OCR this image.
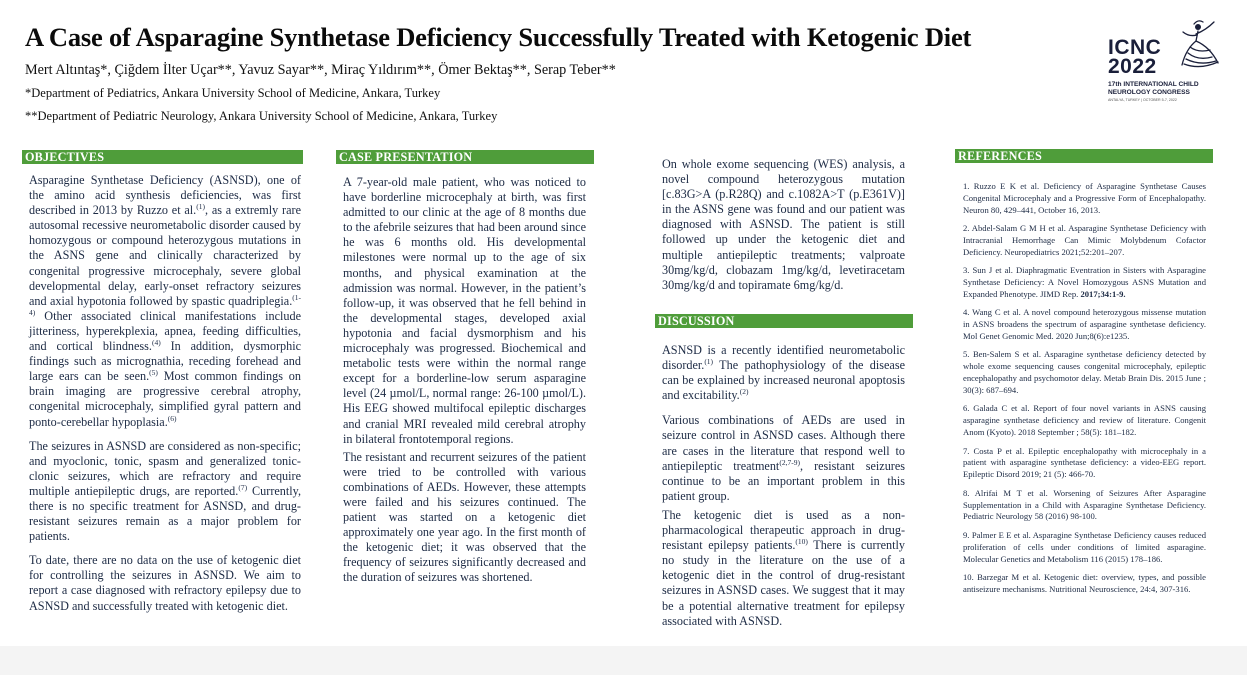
A Case of Asparagine Synthetase Deficiency Successfully Treated with Ketogenic Diet
Mert Altıntaş*, Çiğdem İlter Uçar**, Yavuz Sayar**, Miraç Yıldırım**, Ömer Bektaş**, Serap Teber**
*Department of Pediatrics, Ankara University School of Medicine, Ankara, Turkey
**Department of Pediatric Neurology, Ankara University School of Medicine, Ankara, Turkey
ICNC
2022
17th INTERNATIONAL CHILD
NEUROLOGY CONGRESS
ANTALYA, TURKEY | OCTOBER 5-7, 2022
OBJECTIVES

Asparagine Synthetase Deficiency (ASNSD), one of the amino acid synthesis deficiencies, was first described in 2013 by Ruzzo et al.$^{(1)}$, as a extremly rare autosomal recessive neurometabolic disorder caused by homozygous or compound heterozygous mutations in the ASNS gene and clinically characterized by congenital progressive microcephaly, severe global developmental delay, early-onset refractory seizures and axial hypotonia followed by spastic quadriplegia.$^{(1-4)}$ Other associated clinical manifestations include jitteriness, hyperekplexia, apnea, feeding difficulties, and cortical blindness.$^{(4)}$ In addition, dysmorphic findings such as micrognathia, receding forehead and large ears can be seen.$^{(5)}$ Most common findings on brain imaging are progressive cerebral atrophy, congenital microcephaly, simplified gyral pattern and ponto-cerebellar hypoplasia.$^{(6)}$

The seizures in ASNSD are considered as non-specific; and myoclonic, tonic, spasm and generalized tonic-clonic seizures, which are refractory and require multiple antiepileptic drugs, are reported.$^{(7)}$ Currently, there is no specific treatment for ASNSD, and drug-resistant seizures remain as a major problem for patients.

To date, there are no data on the use of ketogenic diet for controlling the seizures in ASNSD. We aim to report a case diagnosed with refractory epilepsy due to ASNSD and successfully treated with ketogenic diet.

CASE PRESENTATION

A 7-year-old male patient, who was noticed to have borderline microcephaly at birth, was first admitted to our clinic at the age of 8 months due to the afebrile seizures that had been around since he was 6 months old. His developmental milestones were normal up to the age of six months, and physical examination at the admission was normal. However, in the patient’s follow-up, it was observed that he fell behind in the developmental stages, developed axial hypotonia and facial dysmorphism and his microcephaly was progressed. Biochemical and metabolic tests were within the normal range except for a borderline-low serum asparagine level (24 µmol/L, normal range: 26-100 µmol/L). His EEG showed multifocal epileptic discharges and cranial MRI revealed mild cerebral atrophy in bilateral frontotemporal regions.

The resistant and recurrent seizures of the patient were tried to be controlled with various combinations of AEDs. However, these attempts were failed and his seizures continued. The patient was started on a ketogenic diet approximately one year ago. In the first month of the ketogenic diet; it was observed that the frequency of seizures significantly decreased and the duration of seizures was shortened.

On whole exome sequencing (WES) analysis, a novel compound heterozygous mutation [c.83G>A (p.R28Q) and c.1082A>T (p.E361V)] in the ASNS gene was found and our patient was diagnosed with ASNSD. The patient is still followed up under the ketogenic diet and multiple antiepileptic treatments; valproate 30mg/kg/d, clobazam 1mg/kg/d, levetiracetam 30mg/kg/d and topiramate 6mg/kg/d.

DISCUSSION

ASNSD is a recently identified neurometabolic disorder.$^{(1)}$ The pathophysiology of the disease can be explained by increased neuronal apoptosis and excitability.$^{(2)}$

Various combinations of AEDs are used in seizure control in ASNSD cases. Although there are cases in the literature that respond well to antiepileptic treatment$^{(2,7-9)}$, resistant seizures continue to be an important problem in this patient group.

The ketogenic diet is used as a non-pharmacological therapeutic approach in drug-resistant epilepsy patients.$^{(10)}$ There is currently no study in the literature on the use of a ketogenic diet in the control of drug-resistant seizures in ASNSD cases. We suggest that it may be a potential alternative treatment for epilepsy associated with ASNSD.

REFERENCES
1. Ruzzo E K et al. Deficiency of Asparagine Synthetase Causes Congenital Microcephaly and a Progressive Form of Encephalopathy. Neuron 80, 429–441, October 16, 2013.
2. Abdel-Salam G M H et al. Asparagine Synthetase Deficiency with Intracranial Hemorrhage Can Mimic Molybdenum Cofactor Deficiency. Neuropediatrics 2021;52:201–207.
3. Sun J et al. Diaphragmatic Eventration in Sisters with Asparagine Synthetase Deficiency: A Novel Homozygous ASNS Mutation and Expanded Phenotype. JIMD Rep. 2017;34:1-9.
4. Wang C et al. A novel compound heterozygous missense mutation in ASNS broadens the spectrum of asparagine synthetase deficiency. Mol Genet Genomic Med. 2020 Jun;8(6):e1235.
5. Ben-Salem S et al. Asparagine synthetase deficiency detected by whole exome sequencing causes congenital microcephaly, epileptic encephalopathy and psychomotor delay. Metab Brain Dis. 2015 June ; 30(3): 687–694.
6. Galada C et al. Report of four novel variants in ASNS causing asparagine synthetase deficiency and review of literature. Congenit Anom (Kyoto). 2018 September ; 58(5): 181–182.
7. Costa P et al. Epileptic encephalopathy with microcephaly in a patient with asparagine synthetase deficiency: a video-EEG report. Epileptic Disord 2019; 21 (5): 466-70.
8. Alrifai M T et al. Worsening of Seizures After Asparagine Supplementation in a Child with Asparagine Synthetase Deficiency. Pediatric Neurology 58 (2016) 98-100.
9. Palmer E E et al. Asparagine Synthetase Deficiency causes reduced proliferation of cells under conditions of limited asparagine. Molecular Genetics and Metabolism 116 (2015) 178–186.
10. Barzegar M et al. Ketogenic diet: overview, types, and possible antiseizure mechanisms. Nutritional Neuroscience, 24:4, 307-316.
